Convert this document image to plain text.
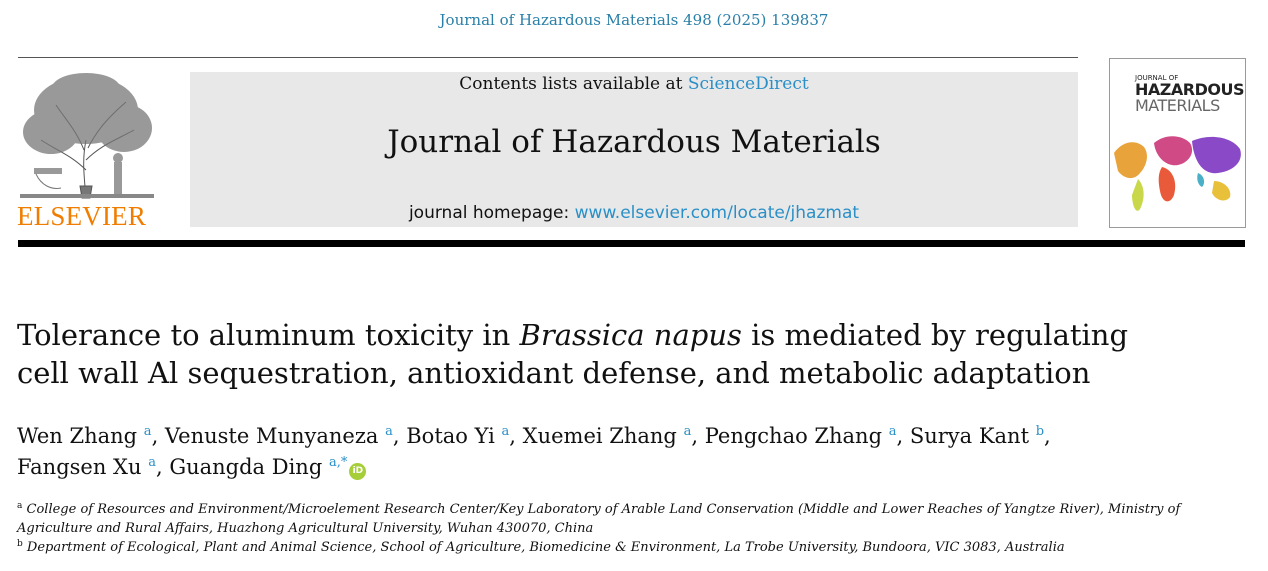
Journal of Hazardous Materials 498 (2025) 139837
ELSEVIER
Contents lists available at ScienceDirect
Journal of Hazardous Materials
journal homepage: www.elsevier.com/locate/jhazmat
JOURNAL OF
HAZARDOUS
MATERIALS
Tolerance to aluminum toxicity in Brassica napus is mediated by regulating cell wall Al sequestration, antioxidant defense, and metabolic adaptation
Wen Zhang $^a$, Venuste Munyaneza $^a$, Botao Yi $^a$, Xuemei Zhang $^a$, Pengchao Zhang $^a$, Surya Kant $^b$,
Fangsen Xu $^a$, Guangda Ding $^{a,*}$iD
$^a$ College of Resources and Environment/Microelement Research Center/Key Laboratory of Arable Land Conservation (Middle and Lower Reaches of Yangtze River), Ministry of Agriculture and Rural Affairs, Huazhong Agricultural University, Wuhan 430070, China
$^b$ Department of Ecological, Plant and Animal Science, School of Agriculture, Biomedicine & Environment, La Trobe University, Bundoora, VIC 3083, Australia
